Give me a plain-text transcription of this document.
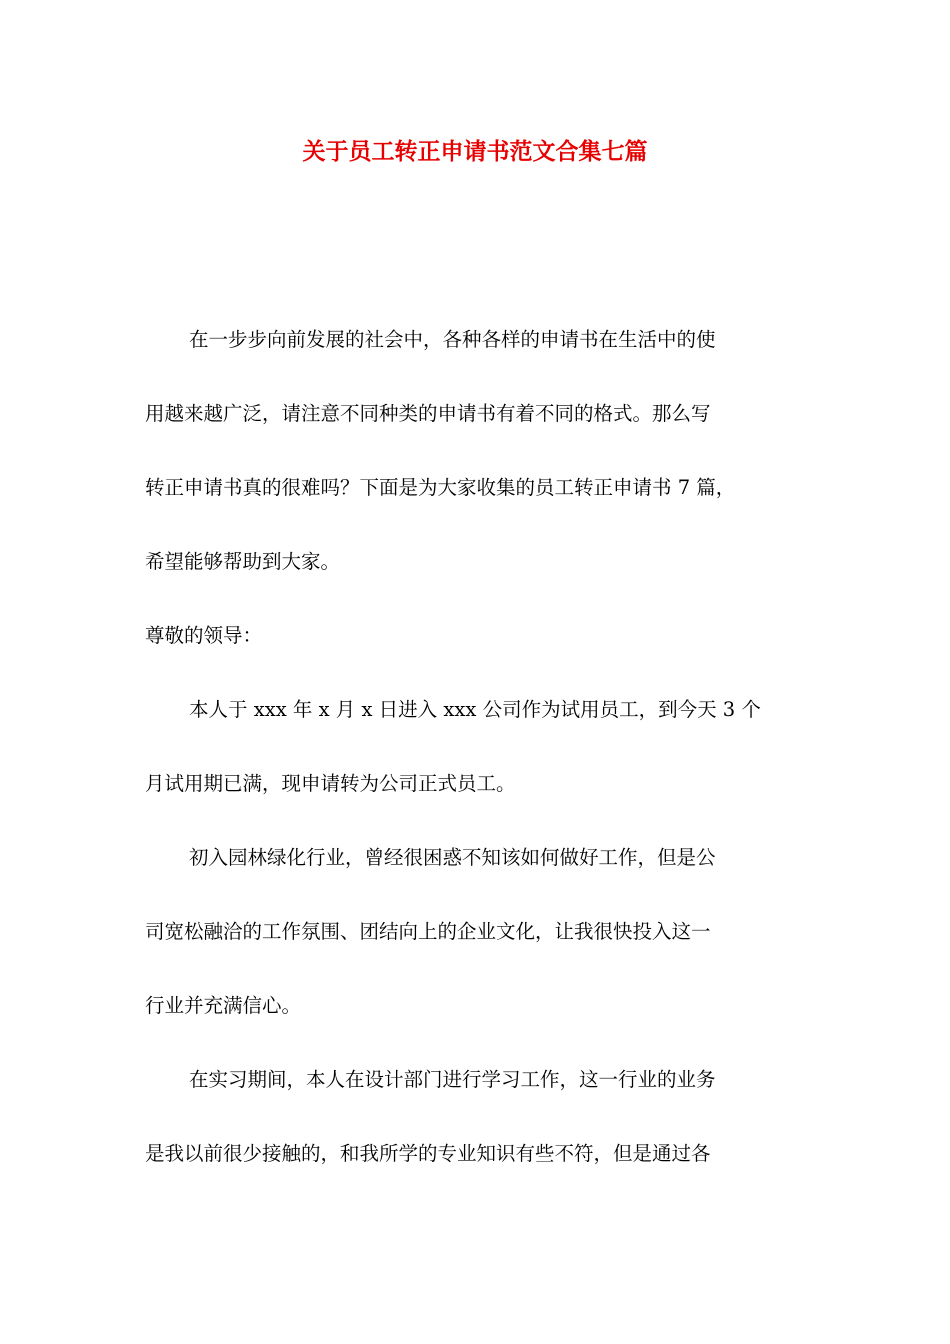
关于员工转正申请书范文合集七篇
在一步步向前发展的社会中，各种各样的申请书在生活中的使
用越来越广泛，请注意不同种类的申请书有着不同的格式。那么写
转正申请书真的很难吗？下面是为大家收集的员工转正申请书 7 篇，
希望能够帮助到大家。
尊敬的领导：
本人于 xxx 年 x 月 x 日进入 xxx 公司作为试用员工，到今天 3 个
月试用期已满，现申请转为公司正式员工。
初入园林绿化行业，曾经很困惑不知该如何做好工作，但是公
司宽松融洽的工作氛围、团结向上的企业文化，让我很快投入这一
行业并充满信心。
在实习期间，本人在设计部门进行学习工作，这一行业的业务
是我以前很少接触的，和我所学的专业知识有些不符，但是通过各
